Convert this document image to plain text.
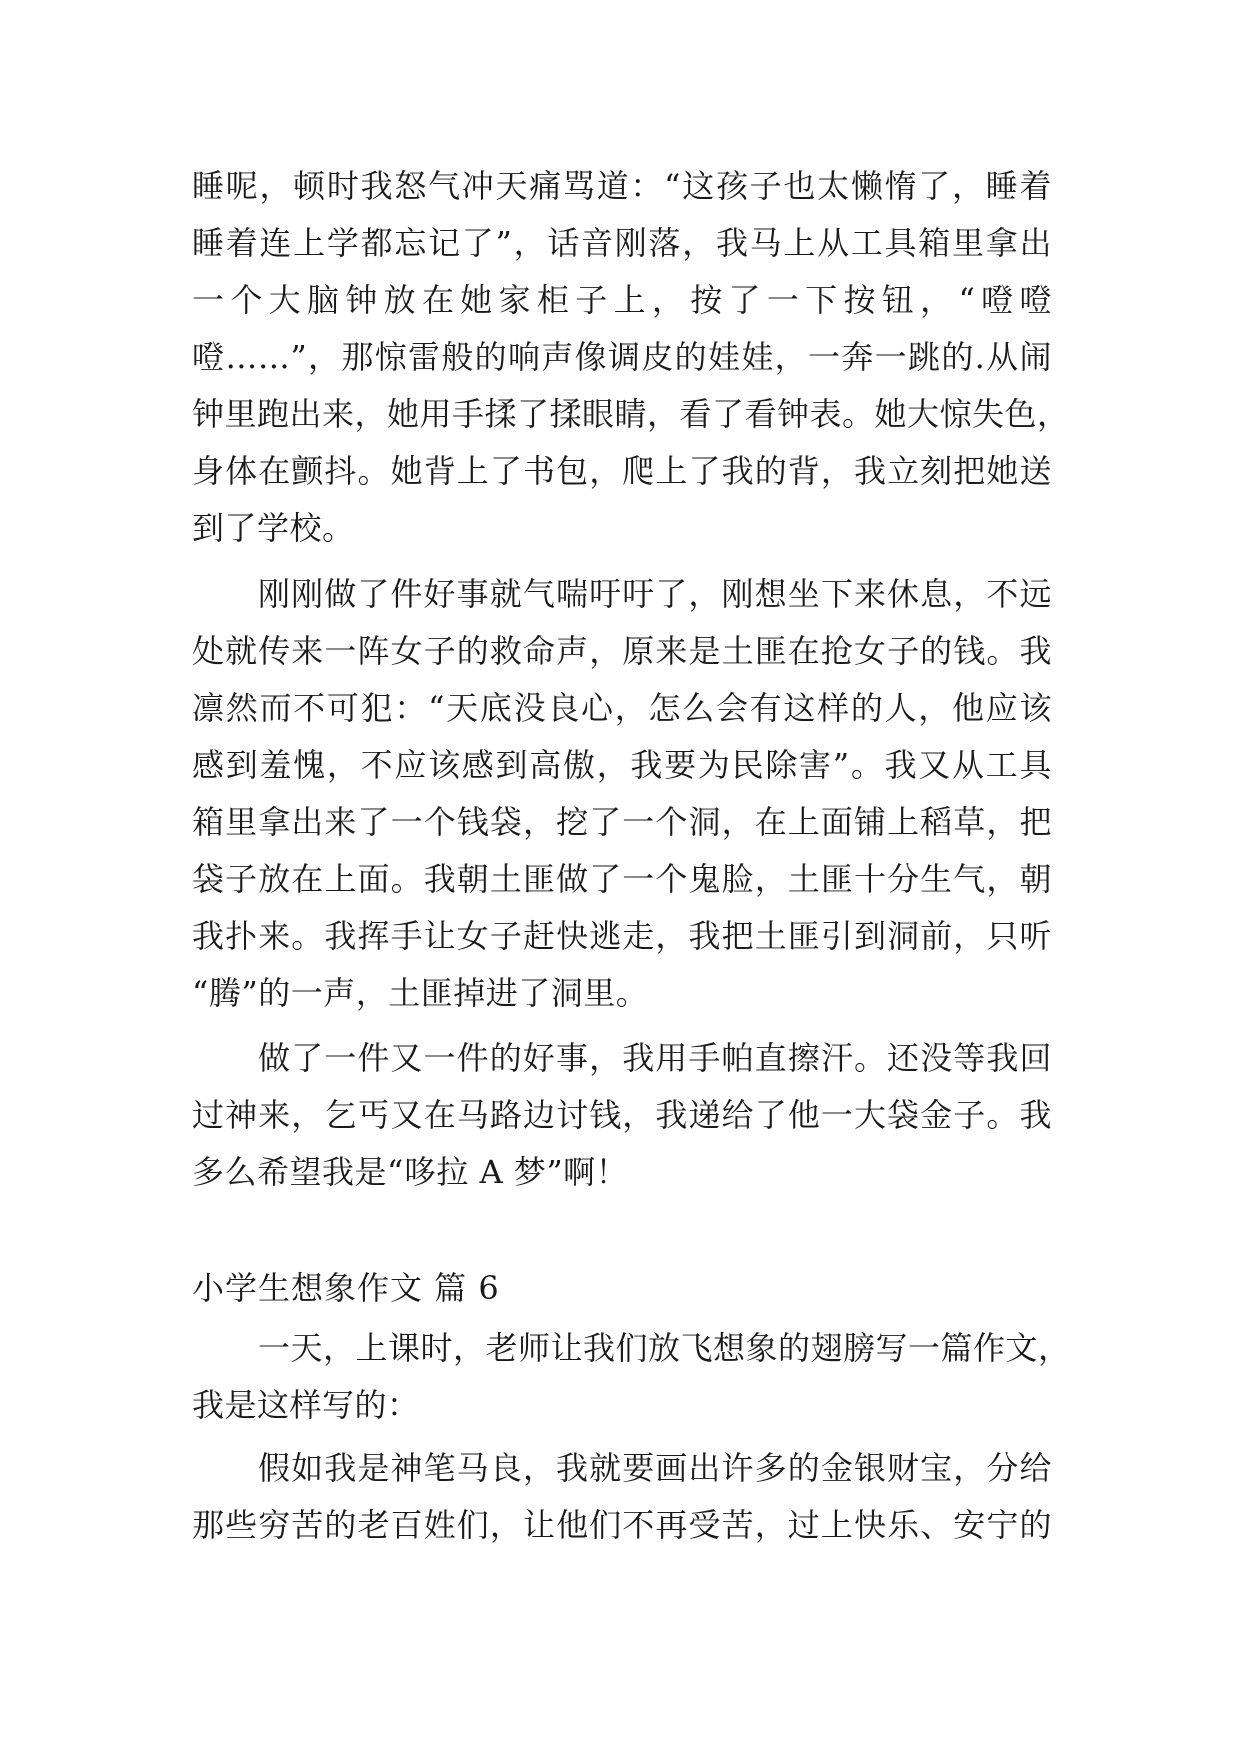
睡呢，顿时我怒气冲天痛骂道：“这孩子也太懒惰了，睡着
睡着连上学都忘记了”，话音刚落，我马上从工具箱里拿出
一个大脑钟放在她家柜子上，按了一下按钮，“噔噔
噔……”，那惊雷般的响声像调皮的娃娃，一奔一跳的.从闹
钟里跑出来，她用手揉了揉眼睛，看了看钟表。她大惊失色，
身体在颤抖。她背上了书包，爬上了我的背，我立刻把她送
到了学校。
刚刚做了件好事就气喘吁吁了，刚想坐下来休息，不远
处就传来一阵女子的救命声，原来是土匪在抢女子的钱。我
凛然而不可犯：“天底没良心，怎么会有这样的人，他应该
感到羞愧，不应该感到高傲，我要为民除害”。我又从工具
箱里拿出来了一个钱袋，挖了一个洞，在上面铺上稻草，把
袋子放在上面。我朝土匪做了一个鬼脸，土匪十分生气，朝
我扑来。我挥手让女子赶快逃走，我把土匪引到洞前，只听
“腾”的一声，土匪掉进了洞里。
做了一件又一件的好事，我用手帕直擦汗。还没等我回
过神来，乞丐又在马路边讨钱，我递给了他一大袋金子。我
多么希望我是“哆拉 A 梦”啊！
小学生想象作文 篇 6
一天，上课时，老师让我们放飞想象的翅膀写一篇作文，
我是这样写的：
假如我是神笔马良，我就要画出许多的金银财宝，分给
那些穷苦的老百姓们，让他们不再受苦，过上快乐、安宁的
